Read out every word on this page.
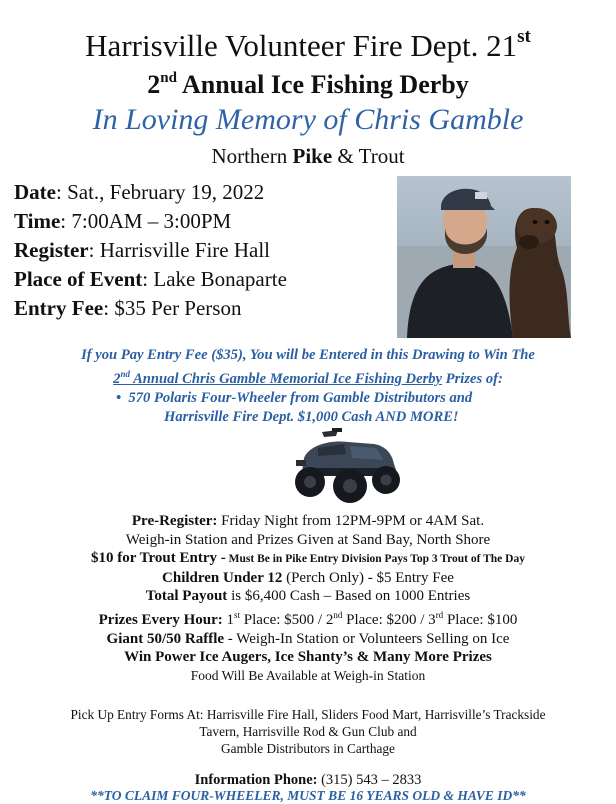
Harrisville Volunteer Fire Dept. 21st
2nd Annual Ice Fishing Derby
In Loving Memory of Chris Gamble
Northern Pike & Trout
Date: Sat., February 19, 2022
Time: 7:00AM – 3:00PM
Register: Harrisville Fire Hall
Place of Event: Lake Bonaparte
Entry Fee: $35 Per Person
If you Pay Entry Fee ($35), You will be Entered in this Drawing to Win The
2nd Annual Chris Gamble Memorial Ice Fishing Derby Prizes of:
• 570 Polaris Four-Wheeler from Gamble Distributors and
Harrisville Fire Dept. $1,000 Cash AND MORE!
Pre-Register: Friday Night from 12PM-9PM or 4AM Sat.
Weigh-in Station and Prizes Given at Sand Bay, North Shore
$10 for Trout Entry - Must Be in Pike Entry Division Pays Top 3 Trout of The Day
Children Under 12 (Perch Only) - $5 Entry Fee
Total Payout is $6,400 Cash – Based on 1000 Entries
Prizes Every Hour: 1st Place: $500 / 2nd Place: $200 / 3rd Place: $100
Giant 50/50 Raffle - Weigh-In Station or Volunteers Selling on Ice
Win Power Ice Augers, Ice Shanty’s & Many More Prizes
Food Will Be Available at Weigh-in Station
Pick Up Entry Forms At: Harrisville Fire Hall, Sliders Food Mart, Harrisville’s Trackside
Tavern, Harrisville Rod & Gun Club and
Gamble Distributors in Carthage
Information Phone: (315) 543 – 2833
**TO CLAIM FOUR-WHEELER, MUST BE 16 YEARS OLD & HAVE ID**
